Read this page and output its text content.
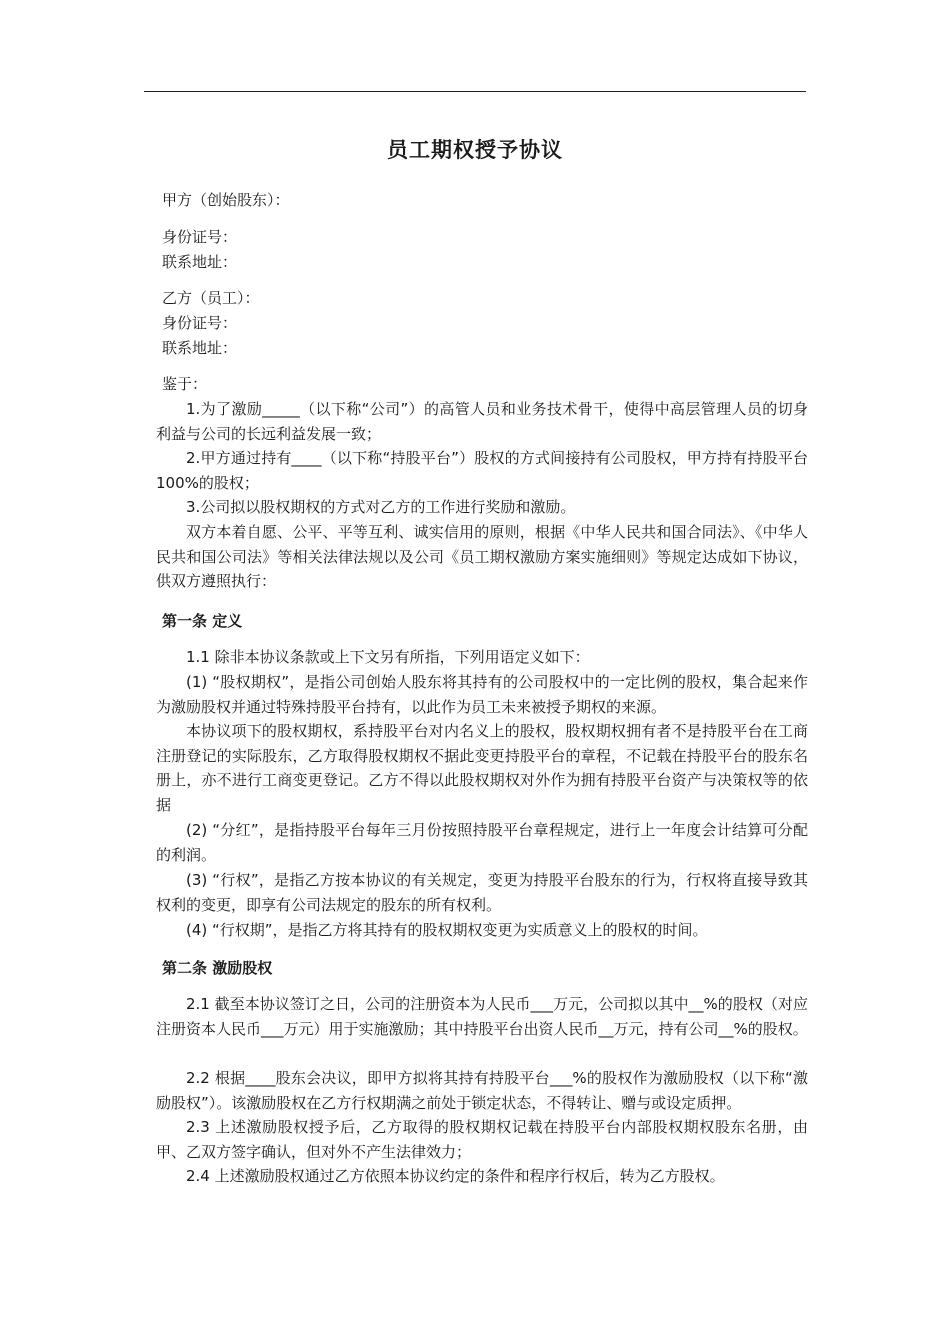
员工期权授予协议
甲方（创始股东）：
身份证号：
联系地址：
乙方（员工）：
身份证号：
联系地址：
鉴于：
1.为了激励_____（以下称“公司”）的高管人员和业务技术骨干，使得中高层管理人员的切身利益与公司的长远利益发展一致；
2.甲方通过持有____（以下称“持股平台”）股权的方式间接持有公司股权，甲方持有持股平台 100%的股权；
3.公司拟以股权期权的方式对乙方的工作进行奖励和激励。
双方本着自愿、公平、平等互利、诚实信用的原则，根据《中华人民共和国合同法》、《中华人民共和国公司法》等相关法律法规以及公司《员工期权激励方案实施细则》等规定达成如下协议，供双方遵照执行：
第一条 定义
1.1 除非本协议条款或上下文另有所指，下列用语定义如下：
(1) “股权期权”，是指公司创始人股东将其持有的公司股权中的一定比例的股权，集合起来作为激励股权并通过特殊持股平台持有，以此作为员工未来被授予期权的来源。
本协议项下的股权期权，系持股平台对内名义上的股权，股权期权拥有者不是持股平台在工商注册登记的实际股东，乙方取得股权期权不据此变更持股平台的章程，不记载在持股平台的股东名册上，亦不进行工商变更登记。乙方不得以此股权期权对外作为拥有持股平台资产与决策权等的依据
(2) “分红”，是指持股平台每年三月份按照持股平台章程规定，进行上一年度会计结算可分配的利润。
(3) “行权”，是指乙方按本协议的有关规定，变更为持股平台股东的行为，行权将直接导致其权利的变更，即享有公司法规定的股东的所有权利。
(4) “行权期”，是指乙方将其持有的股权期权变更为实质意义上的股权的时间。
第二条 激励股权
2.1 截至本协议签订之日，公司的注册资本为人民币___万元，公司拟以其中__%的股权（对应注册资本人民币___万元）用于实施激励；其中持股平台出资人民币__万元，持有公司__%的股权。
2.2 根据____股东会决议，即甲方拟将其持有持股平台___%的股权作为激励股权（以下称“激励股权”）。该激励股权在乙方行权期满之前处于锁定状态，不得转让、赠与或设定质押。
2.3 上述激励股权授予后，乙方取得的股权期权记载在持股平台内部股权期权股东名册，由甲、乙双方签字确认，但对外不产生法律效力；
2.4 上述激励股权通过乙方依照本协议约定的条件和程序行权后，转为乙方股权。
